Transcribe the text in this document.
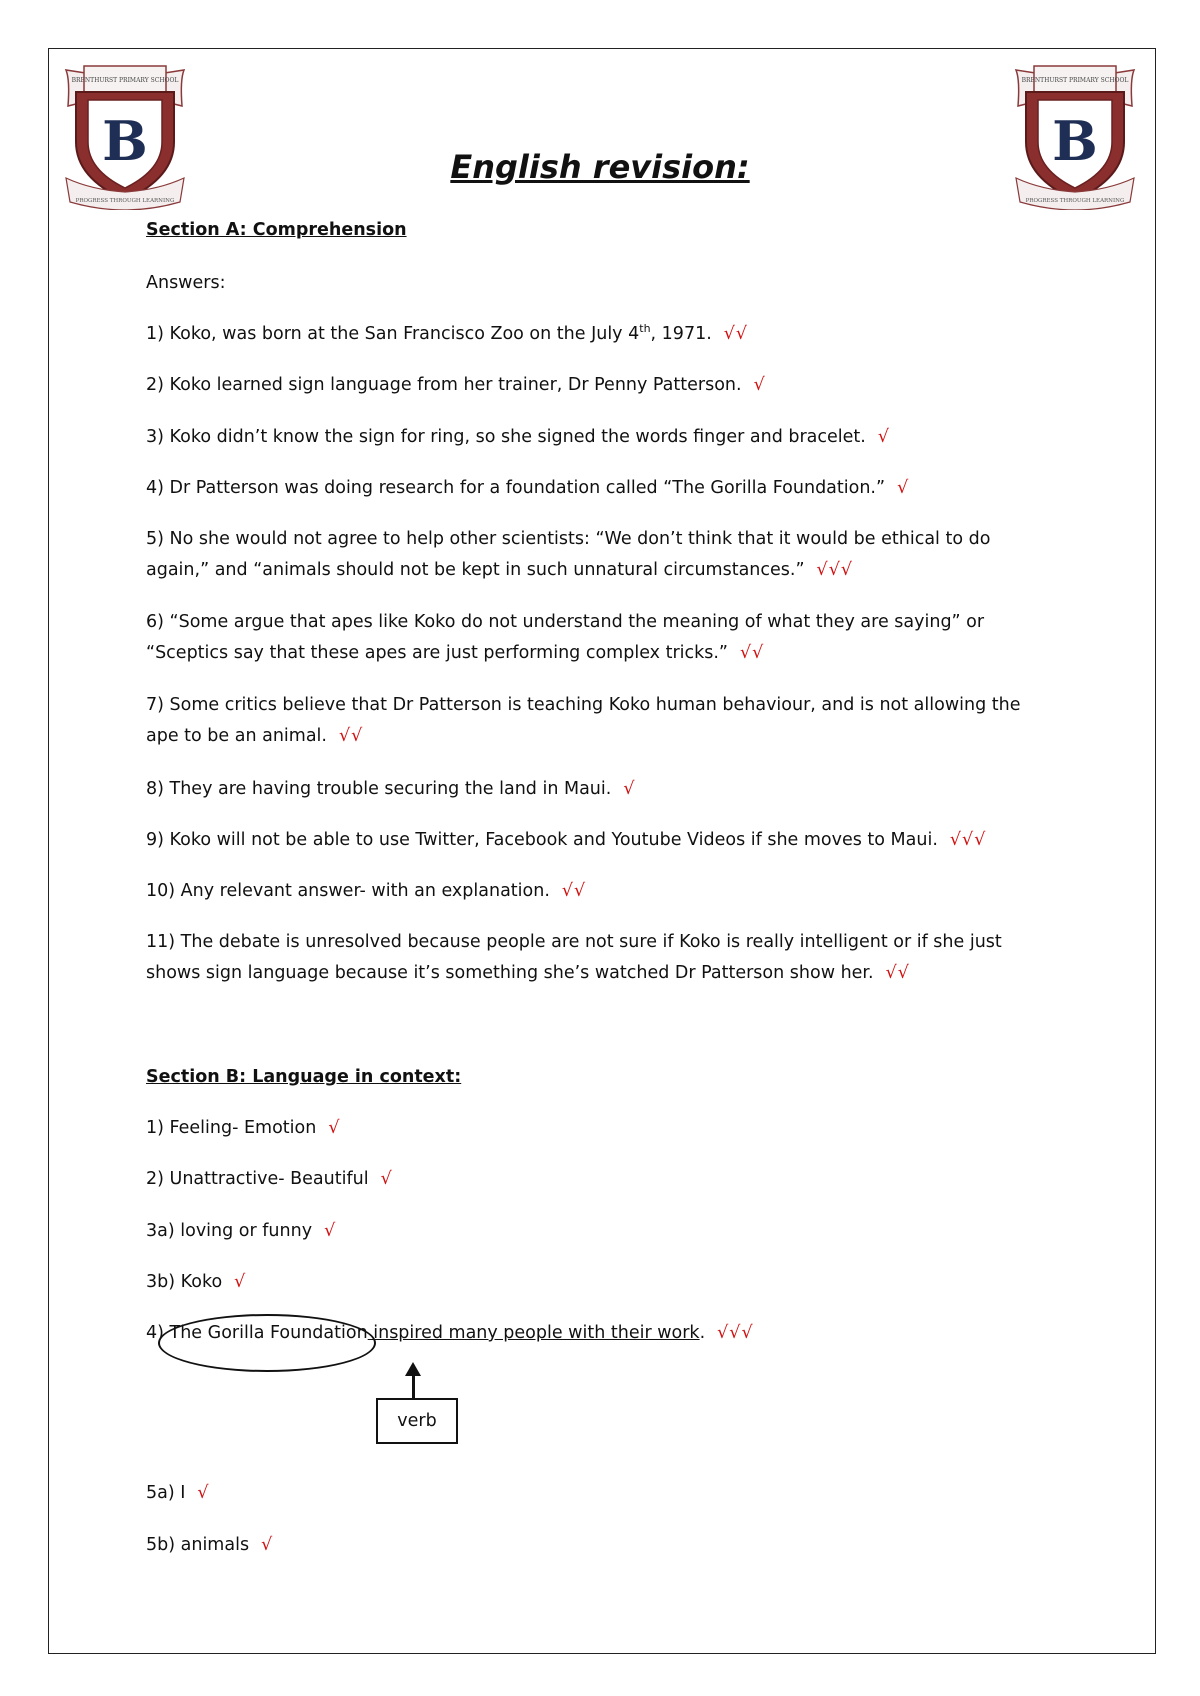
BRENTHURST PRIMARY SCHOOL
B
PROGRESS THROUGH LEARNING
BRENTHURST PRIMARY SCHOOL
B
PROGRESS THROUGH LEARNING
English revision:
Section A: Comprehension
Answers:
1) Koko, was born at the San Francisco Zoo on the July 4th, 1971. √√
2) Koko learned sign language from her trainer, Dr Penny Patterson. √
3) Koko didn’t know the sign for ring, so she signed the words finger and bracelet. √
4) Dr Patterson was doing research for a foundation called “The Gorilla Foundation.” √
5) No she would not agree to help other scientists: “We don’t think that it would be ethical to do
again,” and “animals should not be kept in such unnatural circumstances.” √√√
6) “Some argue that apes like Koko do not understand the meaning of what they are saying” or
“Sceptics say that these apes are just performing complex tricks.” √√
7) Some critics believe that Dr Patterson is teaching Koko human behaviour, and is not allowing the
ape to be an animal. √√
8) They are having trouble securing the land in Maui. √
9) Koko will not be able to use Twitter, Facebook and Youtube Videos if she moves to Maui. √√√
10) Any relevant answer- with an explanation. √√
11) The debate is unresolved because people are not sure if Koko is really intelligent or if she just
shows sign language because it’s something she’s watched Dr Patterson show her. √√
Section B: Language in context:
1) Feeling- Emotion √
2) Unattractive- Beautiful √
3a) loving or funny √
3b) Koko √
4) The Gorilla Foundation inspired many people with their work. √√√
verb
5a) I √
5b) animals √
